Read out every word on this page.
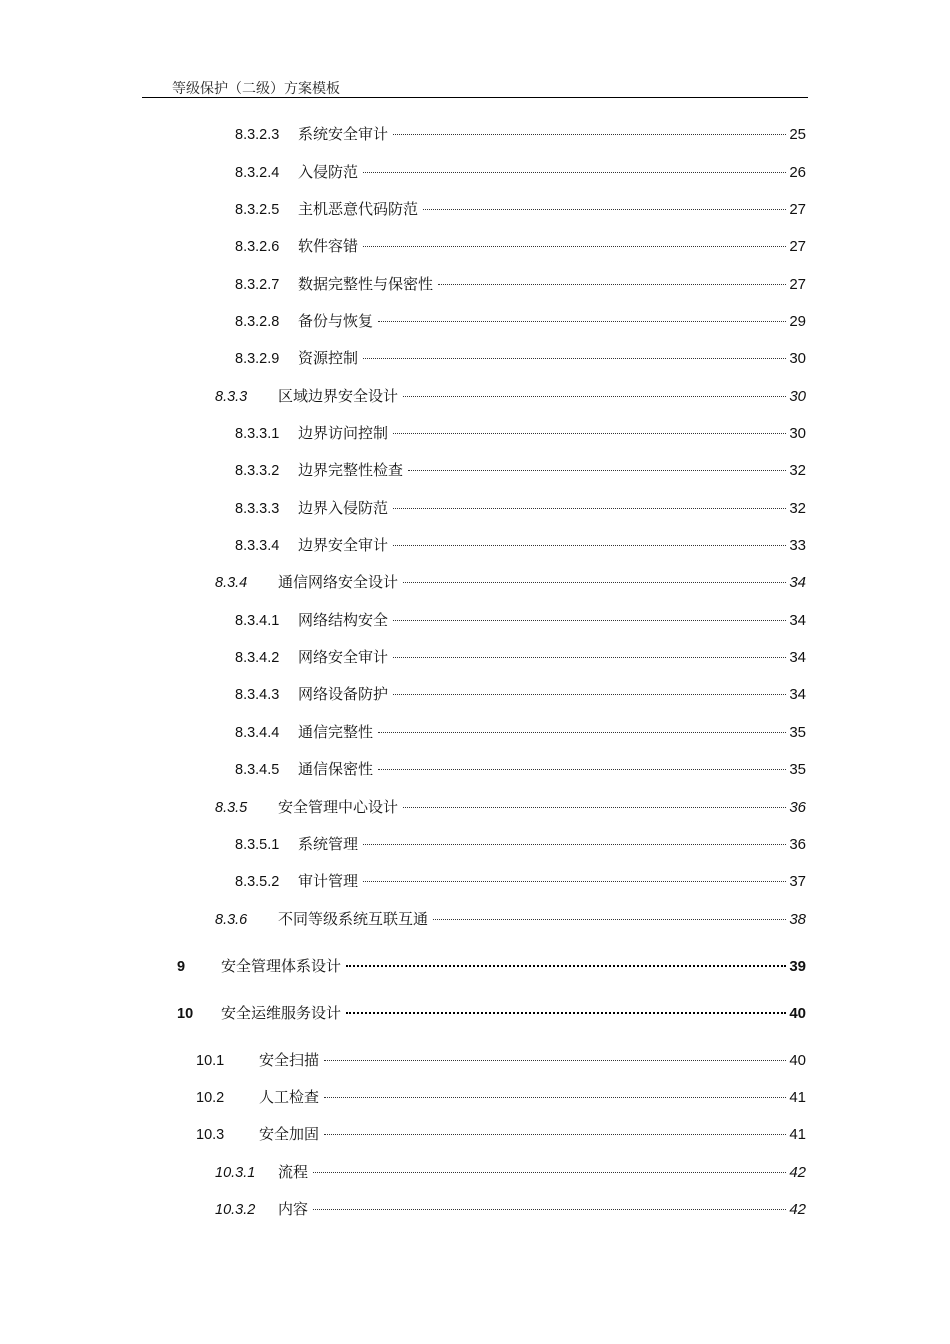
等级保护（二级）方案模板
8.3.2.3	系统安全审计	25
8.3.2.4	入侵防范	26
8.3.2.5	主机恶意代码防范	27
8.3.2.6	软件容错	27
8.3.2.7	数据完整性与保密性	27
8.3.2.8	备份与恢复	29
8.3.2.9	资源控制	30
8.3.3	区域边界安全设计	30
8.3.3.1	边界访问控制	30
8.3.3.2	边界完整性检查	32
8.3.3.3	边界入侵防范	32
8.3.3.4	边界安全审计	33
8.3.4	通信网络安全设计	34
8.3.4.1	网络结构安全	34
8.3.4.2	网络安全审计	34
8.3.4.3	网络设备防护	34
8.3.4.4	通信完整性	35
8.3.4.5	通信保密性	35
8.3.5	安全管理中心设计	36
8.3.5.1	系统管理	36
8.3.5.2	审计管理	37
8.3.6	不同等级系统互联互通	38
9	安全管理体系设计	39
10	安全运维服务设计	40
10.1	安全扫描	40
10.2	人工检查	41
10.3	安全加固	41
10.3.1	流程	42
10.3.2	内容	42
